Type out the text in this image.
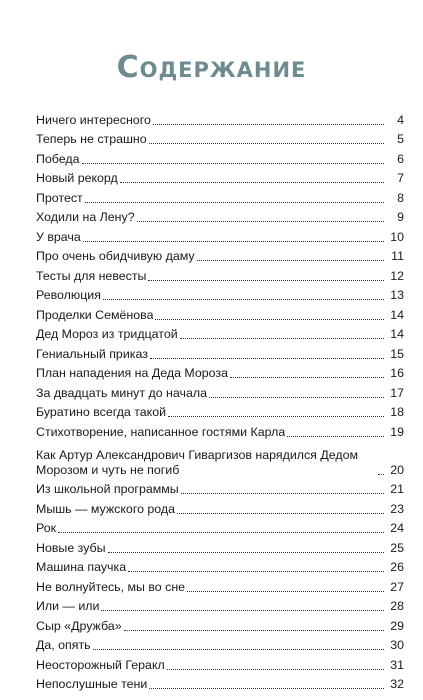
Содержание
Ничего интересного	4
Теперь не страшно	5
Победа	6
Новый рекорд	7
Протест	8
Ходили на Лену?	9
У врача	10
Про очень обидчивую даму	11
Тесты для невесты	12
Революция	13
Проделки Семёнова	14
Дед Мороз из тридцатой	14
Гениальный приказ	15
План нападения на Деда Мороза	16
За двадцать минут до начала	17
Буратино всегда такой	18
Стихотворение, написанное гостями Карла	19
Как Артур Александрович Гиваргизов нарядился Дедом Морозом и чуть не погиб	20
Из школьной программы	21
Мышь — мужского рода	23
Рок	24
Новые зубы	25
Машина паучка	26
Не волнуйтесь, мы во сне	27
Или — или	28
Сыр «Дружба»	29
Да, опять	30
Неосторожный Геракл	31
Непослушные тени	32
